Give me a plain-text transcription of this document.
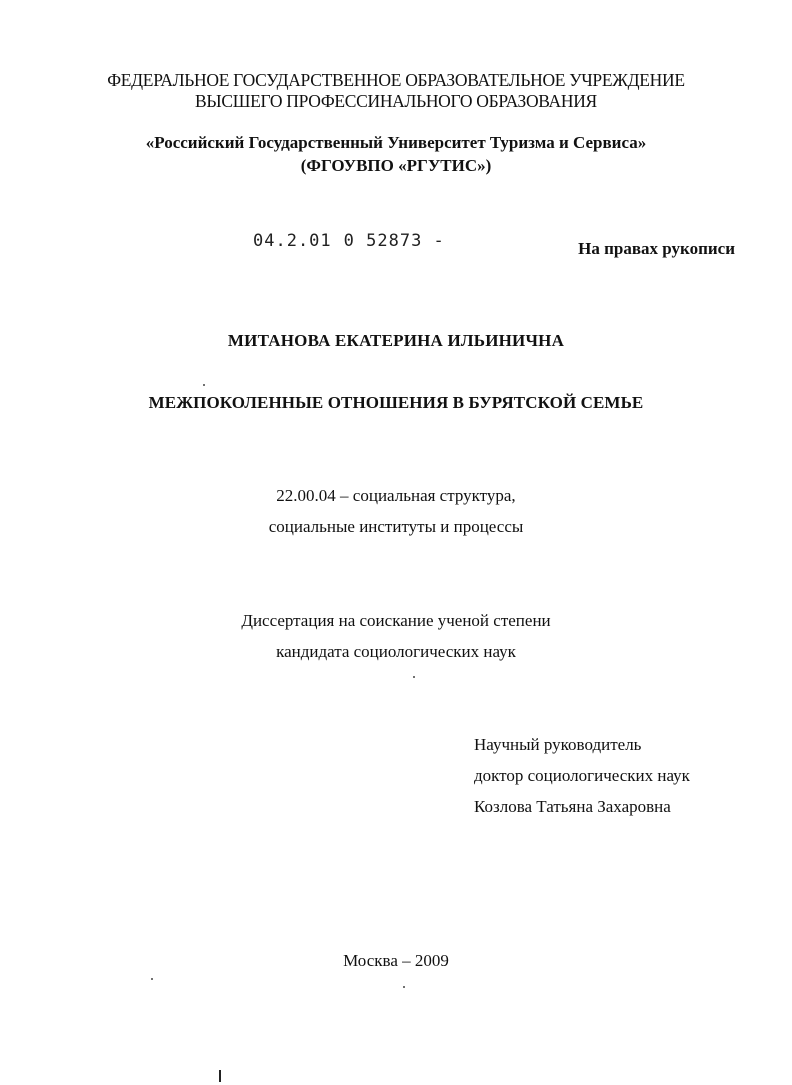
ФЕДЕРАЛЬНОЕ ГОСУДАРСТВЕННОЕ ОБРАЗОВАТЕЛЬНОЕ УЧРЕЖДЕНИЕ
ВЫСШЕГО ПРОФЕССИНАЛЬНОГО ОБРАЗОВАНИЯ
«Российский Государственный Университет Туризма и Сервиса»
(ФГОУВПО «РГУТИС»)
04.2.01 0 52873 -	На правах рукописи
МИТАНОВА ЕКАТЕРИНА ИЛЬИНИЧНА
МЕЖПОКОЛЕННЫЕ ОТНОШЕНИЯ В БУРЯТСКОЙ СЕМЬЕ
22.00.04 – социальная структура,
социальные институты и процессы
Диссертация на соискание ученой степени
кандидата социологических наук
Научный руководитель
доктор социологических наук
Козлова Татьяна Захаровна
Москва – 2009
